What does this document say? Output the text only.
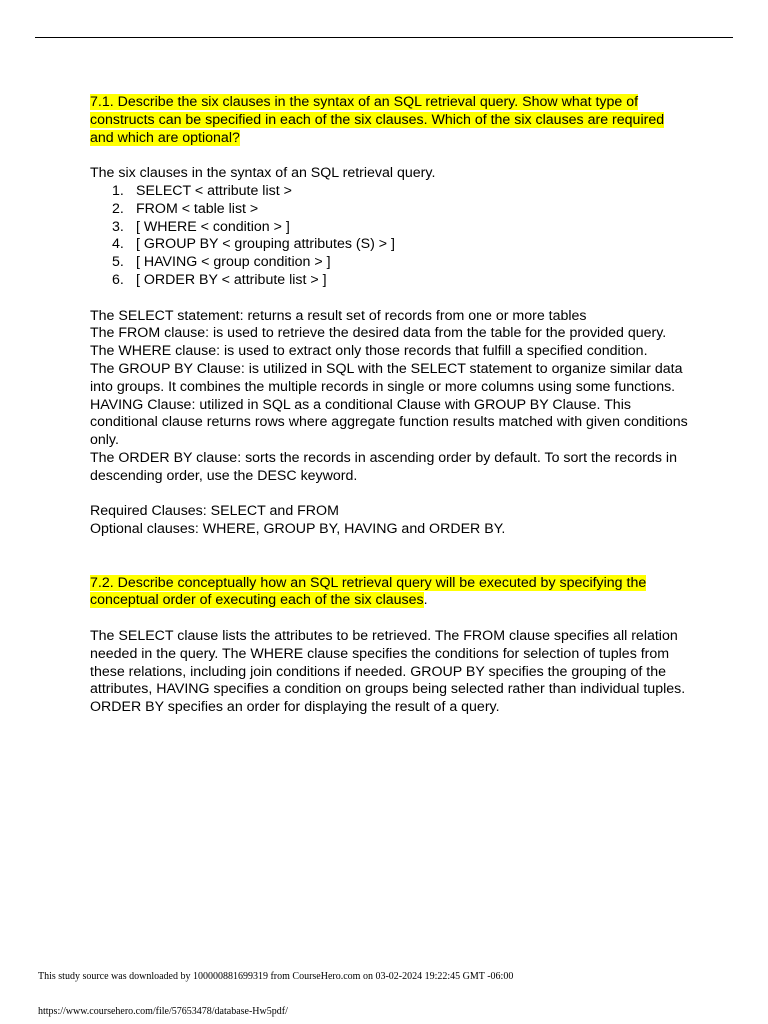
7.1. Describe the six clauses in the syntax of an SQL retrieval query. Show what type of constructs can be specified in each of the six clauses. Which of the six clauses are required and which are optional?

The six clauses in the syntax of an SQL retrieval query.

1. SELECT < attribute list >
2. FROM < table list >
3. [ WHERE < condition > ]
4. [ GROUP BY < grouping attributes (S) > ]
5. [ HAVING < group condition > ]
6. [ ORDER BY < attribute list > ]

The SELECT statement: returns a result set of records from one or more tables

The FROM clause: is used to retrieve the desired data from the table for the provided query.

The WHERE clause: is used to extract only those records that fulfill a specified condition.

The GROUP BY Clause: is utilized in SQL with the SELECT statement to organize similar data into groups. It combines the multiple records in single or more columns using some functions.

HAVING Clause: utilized in SQL as a conditional Clause with GROUP BY Clause. This conditional clause returns rows where aggregate function results matched with given conditions only.

The ORDER BY clause: sorts the records in ascending order by default. To sort the records in descending order, use the DESC keyword.

Required Clauses: SELECT and FROM

Optional clauses: WHERE, GROUP BY, HAVING and ORDER BY.

7.2. Describe conceptually how an SQL retrieval query will be executed by specifying the conceptual order of executing each of the six clauses.

The SELECT clause lists the attributes to be retrieved. The FROM clause specifies all relation needed in the query. The WHERE clause specifies the conditions for selection of tuples from these relations, including join conditions if needed. GROUP BY specifies the grouping of the attributes, HAVING specifies a condition on groups being selected rather than individual tuples. ORDER BY specifies an order for displaying the result of a query.

This study source was downloaded by 100000881699319 from CourseHero.com on 03-02-2024 19:22:45 GMT -06:00
https://www.coursehero.com/file/57653478/database-Hw5pdf/
